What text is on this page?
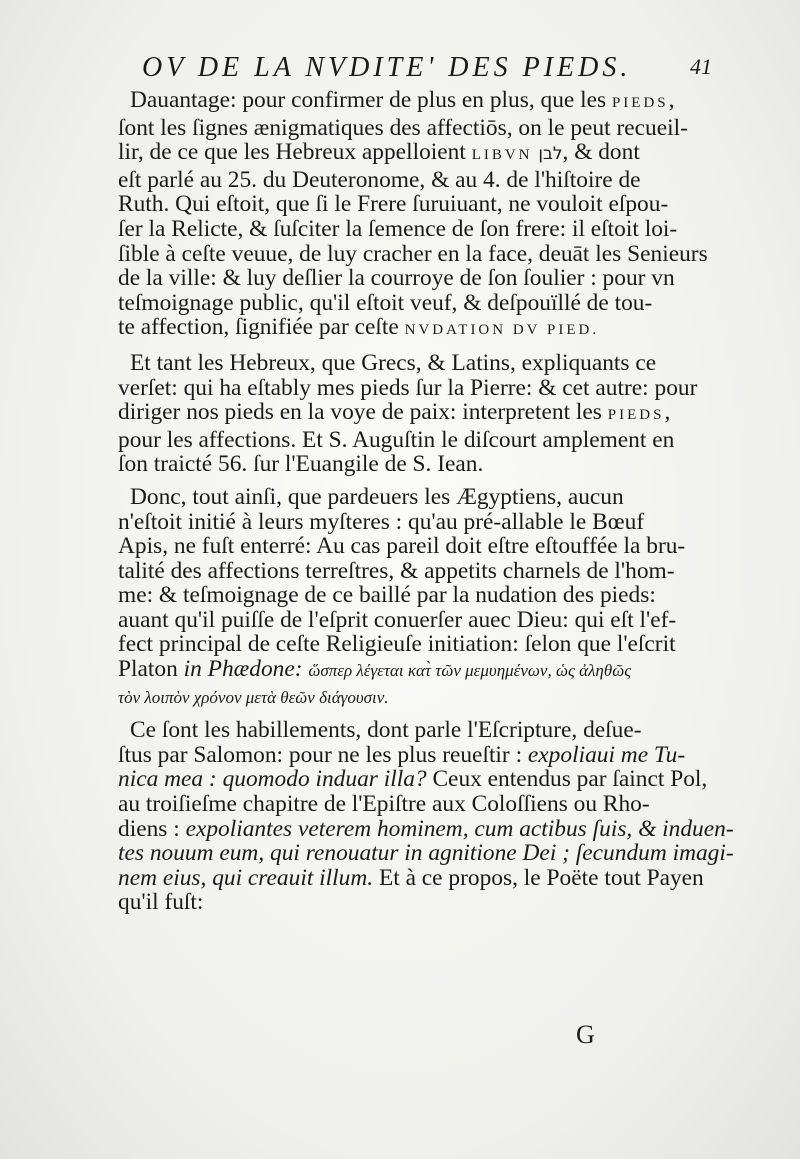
OV DE LA NVDITE' DES PIEDS.	41
Dauantage: pour confirmer de plus en plus, que les PIEDS,
ſont les ſignes ænigmatiques des affectiōs, on le peut recueil-
lir, de ce que les Hebreux appelloient LIBVN לבן, & dont
eſt parlé au 25. du Deuteronome, & au 4. de l'hiſtoire de
Ruth. Qui eſtoit, que ſi le Frere ſuruiuant, ne vouloit eſpou-
ſer la Relicte, & ſuſciter la ſemence de ſon frere: il eſtoit loi-
ſible à ceſte veuue, de luy cracher en la face, deuāt les Senieurs
de la ville: & luy deſlier la courroye de ſon ſoulier : pour vn
teſmoignage public, qu'il eſtoit veuf, & deſpouïllé de tou-
te affection, ſignifiée par ceſte NVDATION DV PIED.
Et tant les Hebreux, que Grecs, & Latins, expliquants ce
verſet: qui ha eſtably mes pieds ſur la Pierre: & cet autre: pour
diriger nos pieds en la voye de paix: interpretent les PIEDS,
pour les affections. Et S. Auguſtin le diſcourt amplement en
ſon traicté 56. ſur l'Euangile de S. Iean.
Donc, tout ainſi, que pardeuers les Ægyptiens, aucun
n'eſtoit initié à leurs myſteres : qu'au pré-allable le Bœuf
Apis, ne fuſt enterré: Au cas pareil doit eſtre eſtouffée la bru-
talité des affections terreſtres, & appetits charnels de l'hom-
me: & teſmoignage de ce baillé par la nudation des pieds:
auant qu'il puiſſe de l'eſprit conuerſer auec Dieu: qui eſt l'ef-
fect principal de ceſte Religieuſe initiation: ſelon que l'eſcrit
Platon in Phædone: ὥσπερ λέγεται κατ̀ τῶν μεμυημένων, ὡς ἀληθῶς
τὸν λοιπὸν χρόνον μετὰ θεῶν διάγουσιν.
Ce ſont les habillements, dont parle l'Eſcripture, deſue-
ſtus par Salomon: pour ne les plus reueſtir : expoliaui me Tu-
nica mea : quomodo induar illa? Ceux entendus par ſainct Pol,
au troiſieſme chapitre de l'Epiſtre aux Coloſſiens ou Rho-
diens : expoliantes veterem hominem, cum actibus ſuis, & induen-
tes nouum eum, qui renouatur in agnitione Dei ; ſecundum imagi-
nem eius, qui creauit illum. Et à ce propos, le Poëte tout Payen
qu'il fuſt:
G
